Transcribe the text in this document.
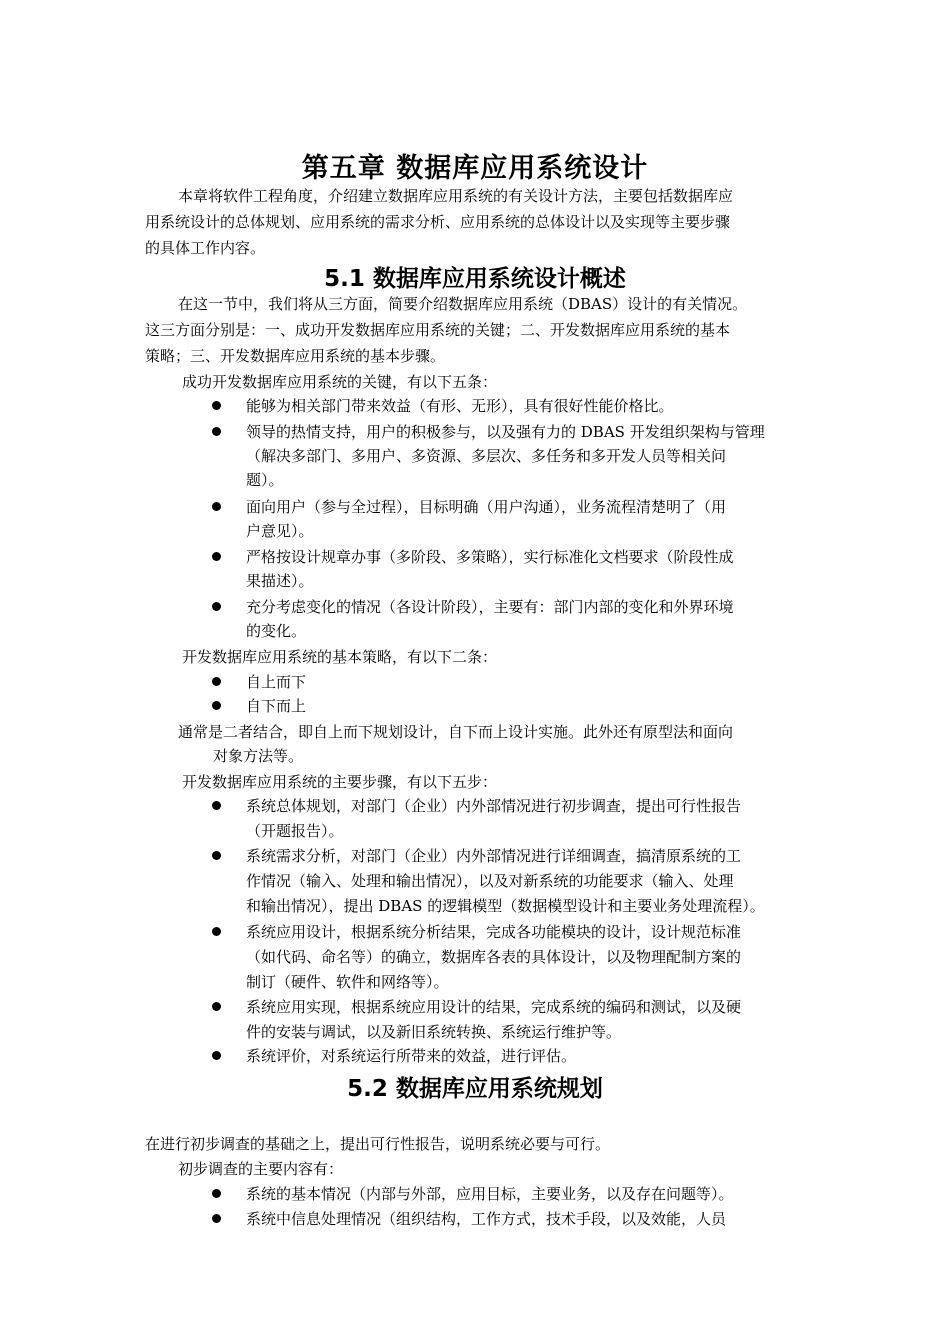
第五章 数据库应用系统设计
本章将软件工程角度，介绍建立数据库应用系统的有关设计方法，主要包括数据库应
用系统设计的总体规划、应用系统的需求分析、应用系统的总体设计以及实现等主要步骤
的具体工作内容。
5.1 数据库应用系统设计概述
在这一节中，我们将从三方面，简要介绍数据库应用系统（DBAS）设计的有关情况。
这三方面分别是：一、成功开发数据库应用系统的关键；二、开发数据库应用系统的基本
策略；三、开发数据库应用系统的基本步骤。
成功开发数据库应用系统的关键，有以下五条：
能够为相关部门带来效益（有形、无形），具有很好性能价格比。
领导的热情支持，用户的积极参与，以及强有力的 DBAS 开发组织架构与管理
（解决多部门、多用户、多资源、多层次、多任务和多开发人员等相关问
题）。
面向用户（参与全过程），目标明确（用户沟通），业务流程清楚明了（用
户意见）。
严格按设计规章办事（多阶段、多策略），实行标准化文档要求（阶段性成
果描述）。
充分考虑变化的情况（各设计阶段），主要有：部门内部的变化和外界环境
的变化。
开发数据库应用系统的基本策略，有以下二条：
自上而下
自下而上
通常是二者结合，即自上而下规划设计，自下而上设计实施。此外还有原型法和面向
对象方法等。
开发数据库应用系统的主要步骤，有以下五步：
系统总体规划，对部门（企业）内外部情况进行初步调查，提出可行性报告
（开题报告）。
系统需求分析，对部门（企业）内外部情况进行详细调查，搞清原系统的工
作情况（输入、处理和输出情况），以及对新系统的功能要求（输入、处理
和输出情况），提出 DBAS 的逻辑模型（数据模型设计和主要业务处理流程）。
系统应用设计，根据系统分析结果，完成各功能模块的设计，设计规范标准
（如代码、命名等）的确立，数据库各表的具体设计，以及物理配制方案的
制订（硬件、软件和网络等）。
系统应用实现，根据系统应用设计的结果，完成系统的编码和测试，以及硬
件的安装与调试，以及新旧系统转换、系统运行维护等。
系统评价，对系统运行所带来的效益，进行评估。
5.2 数据库应用系统规划
在进行初步调查的基础之上，提出可行性报告，说明系统必要与可行。
初步调查的主要内容有：
系统的基本情况（内部与外部，应用目标，主要业务，以及存在问题等）。
系统中信息处理情况（组织结构，工作方式，技术手段，以及效能，人员
